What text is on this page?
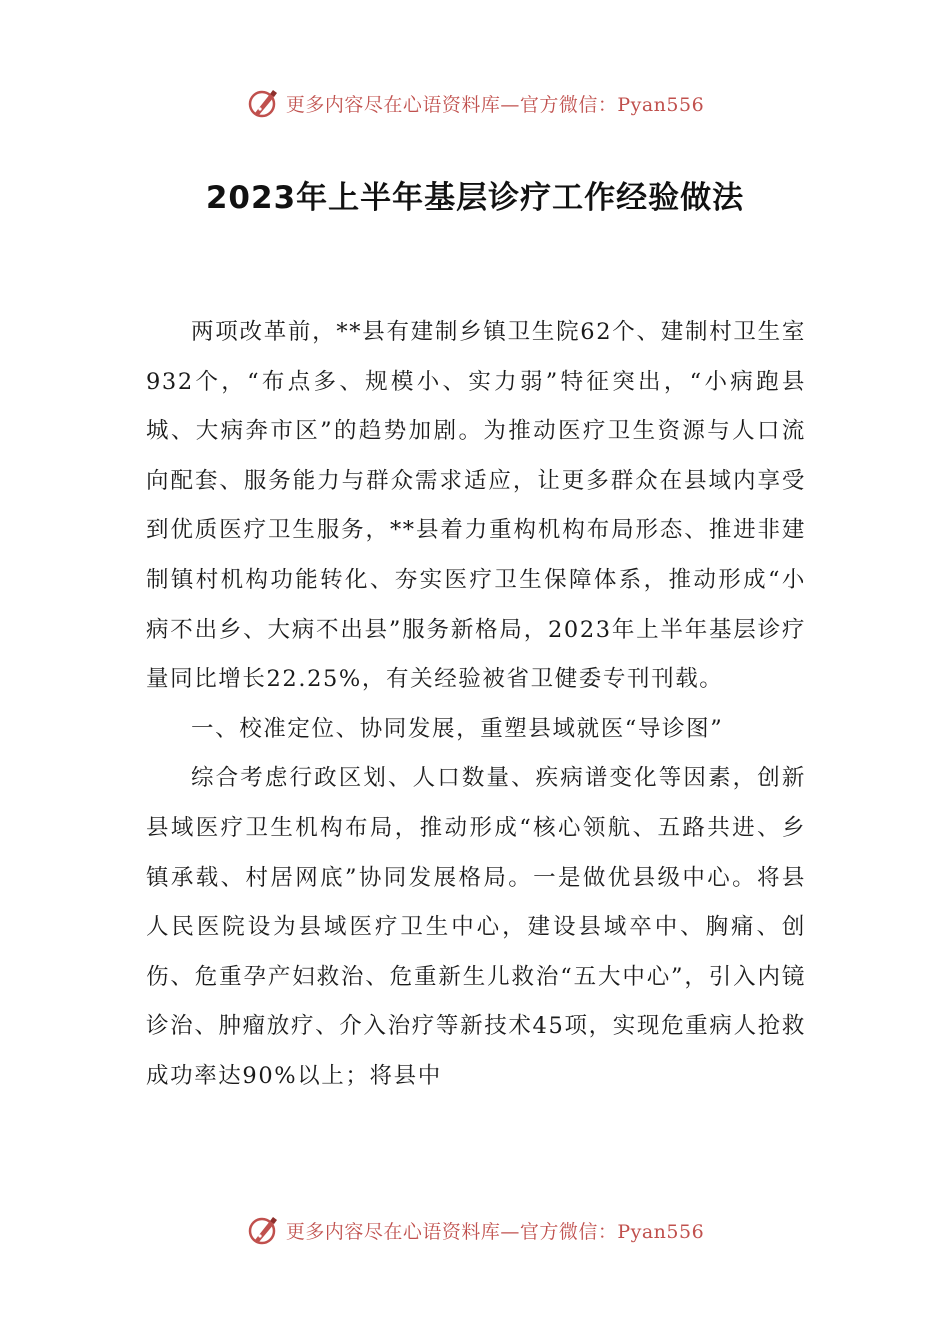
更多内容尽在心语资料库—官方微信：Pyan556
2023年上半年基层诊疗工作经验做法

两项改革前，**县有建制乡镇卫生院62个、建制村卫生室932个，“布点多、规模小、实力弱”特征突出，“小病跑县城、大病奔市区”的趋势加剧。为推动医疗卫生资源与人口流向配套、服务能力与群众需求适应，让更多群众在县域内享受到优质医疗卫生服务，**县着力重构机构布局形态、推进非建制镇村机构功能转化、夯实医疗卫生保障体系，推动形成“小病不出乡、大病不出县”服务新格局，2023年上半年基层诊疗量同比增长22.25%，有关经验被省卫健委专刊刊载。

一、校准定位、协同发展，重塑县域就医“导诊图”

综合考虑行政区划、人口数量、疾病谱变化等因素，创新县域医疗卫生机构布局，推动形成“核心领航、五路共进、乡镇承载、村居网底”协同发展格局。一是做优县级中心。将县人民医院设为县域医疗卫生中心，建设县域卒中、胸痛、创伤、危重孕产妇救治、危重新生儿救治“五大中心”，引入内镜诊治、肿瘤放疗、介入治疗等新技术45项，实现危重病人抢救成功率达90%以上；将县中

更多内容尽在心语资料库—官方微信：Pyan556
